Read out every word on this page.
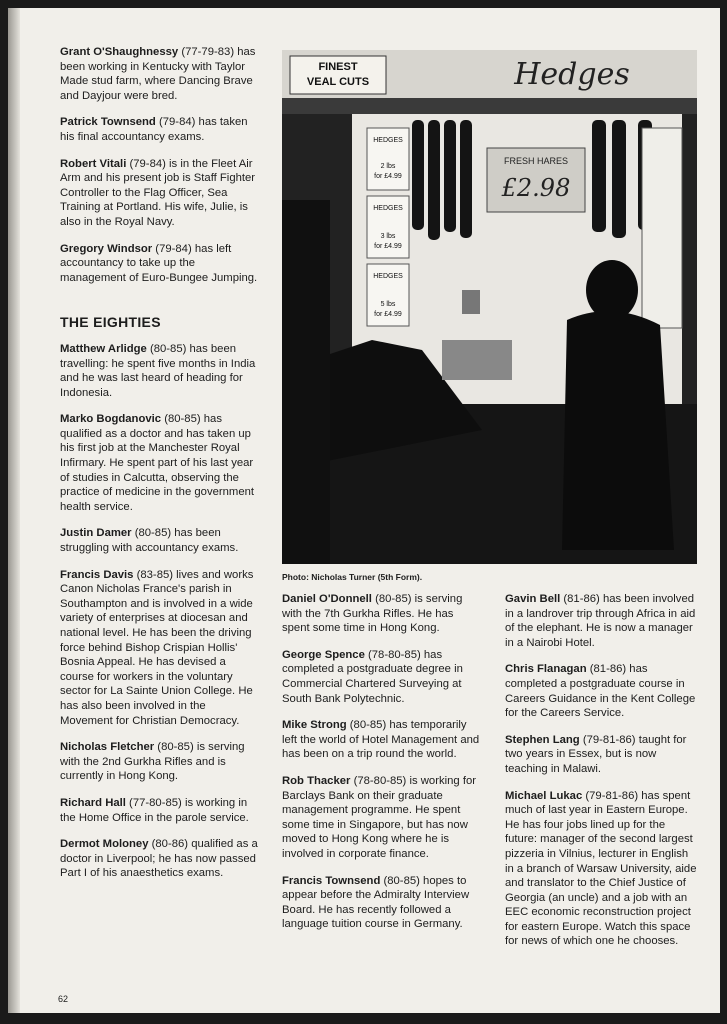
Grant O'Shaughnessy (77-79-83) has been working in Kentucky with Taylor Made stud farm, where Dancing Brave and Dayjour were bred.
Patrick Townsend (79-84) has taken his final accountancy exams.
Robert Vitali (79-84) is in the Fleet Air Arm and his present job is Staff Fighter Controller to the Flag Officer, Sea Training at Portland. His wife, Julie, is also in the Royal Navy.
Gregory Windsor (79-84) has left accountancy to take up the management of Euro-Bungee Jumping.
THE EIGHTIES
Matthew Arlidge (80-85) has been travelling: he spent five months in India and he was last heard of heading for Indonesia.
Marko Bogdanovic (80-85) has qualified as a doctor and has taken up his first job at the Manchester Royal Infirmary. He spent part of his last year of studies in Calcutta, observing the practice of medicine in the government health service.
Justin Damer (80-85) has been struggling with accountancy exams.
Francis Davis (83-85) lives and works Canon Nicholas France's parish in Southampton and is involved in a wide variety of enterprises at diocesan and national level. He has been the driving force behind Bishop Crispian Hollis' Bosnia Appeal. He has devised a course for workers in the voluntary sector for La Sainte Union College. He has also been involved in the Movement for Christian Democracy.
Nicholas Fletcher (80-85) is serving with the 2nd Gurkha Rifles and is currently in Hong Kong.
Richard Hall (77-80-85) is working in the Home Office in the parole service.
Dermot Moloney (80-86) qualified as a doctor in Liverpool; he has now passed Part I of his anaesthetics exams.
FINEST
VEAL CUTS	Hedges
HEDGES
2 lbs
for £4.99
HEDGES
3 lbs
for £4.99
HEDGES
5 lbs
for £4.99
FRESH HARES
£2.98
Photo: Nicholas Turner (5th Form).
Daniel O'Donnell (80-85) is serving with the 7th Gurkha Rifles. He has spent some time in Hong Kong.
George Spence (78-80-85) has completed a postgraduate degree in Commercial Chartered Surveying at South Bank Polytechnic.
Mike Strong (80-85) has temporarily left the world of Hotel Management and has been on a trip round the world.
Rob Thacker (78-80-85) is working for Barclays Bank on their graduate management programme. He spent some time in Singapore, but has now moved to Hong Kong where he is involved in corporate finance.
Francis Townsend (80-85) hopes to appear before the Admiralty Interview Board. He has recently followed a language tuition course in Germany.
Gavin Bell (81-86) has been involved in a landrover trip through Africa in aid of the elephant. He is now a manager in a Nairobi Hotel.
Chris Flanagan (81-86) has completed a postgraduate course in Careers Guidance in the Kent College for the Careers Service.
Stephen Lang (79-81-86) taught for two years in Essex, but is now teaching in Malawi.
Michael Lukac (79-81-86) has spent much of last year in Eastern Europe. He has four jobs lined up for the future: manager of the second largest pizzeria in Vilnius, lecturer in English in a branch of Warsaw University, aide and translator to the Chief Justice of Georgia (an uncle) and a job with an EEC economic reconstruction project for eastern Europe. Watch this space for news of which one he chooses.
62
